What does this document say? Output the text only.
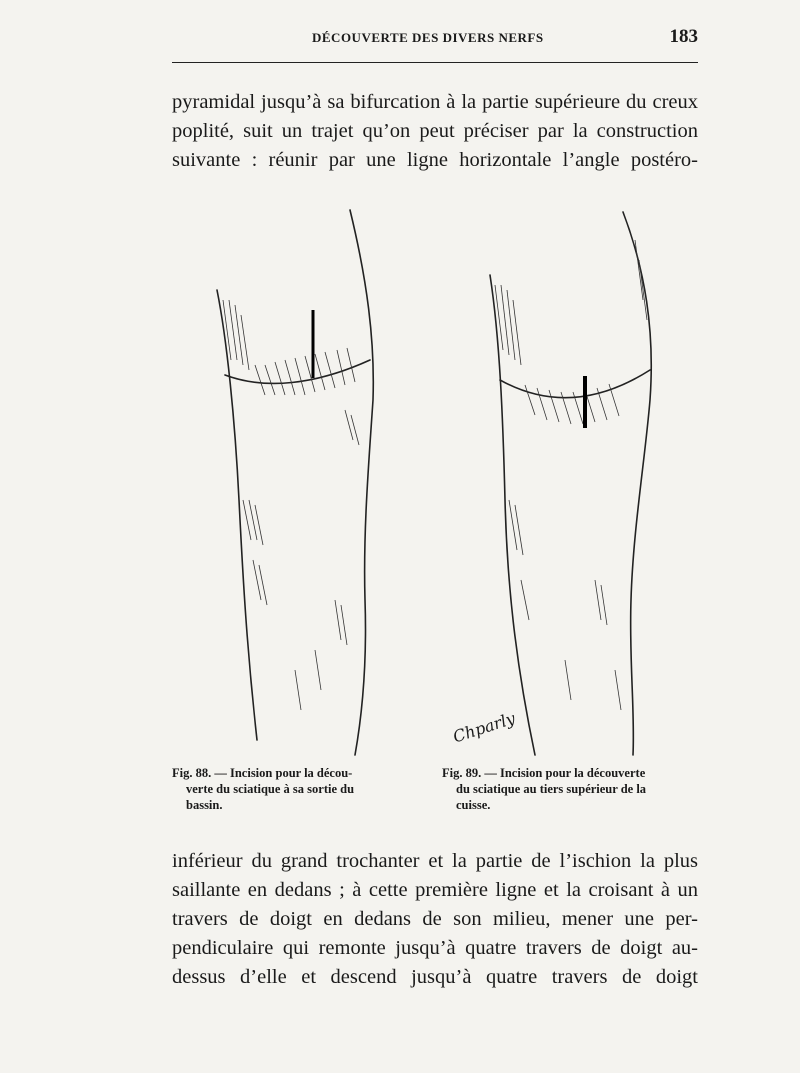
DÉCOUVERTE DES DIVERS NERFS	183

pyramidal jusqu’à sa bifurcation à la partie supérieure du creux
poplité, suit un trajet qu’on peut préciser par la construction
suivante : réunir par une ligne horizontale l’angle postéro-

Chparly
Fig. 88. — Incision pour la décou-
verte du sciatique à sa sortie du
bassin.
Fig. 89. — Incision pour la découverte
du sciatique au tiers supérieur de la
cuisse.

inférieur du grand trochanter et la partie de l’ischion la plus
saillante en dedans ; à cette première ligne et la croisant à un
travers de doigt en dedans de son milieu, mener une per-
pendiculaire qui remonte jusqu’à quatre travers de doigt au-
dessus d’elle et descend jusqu’à quatre travers de doigt
